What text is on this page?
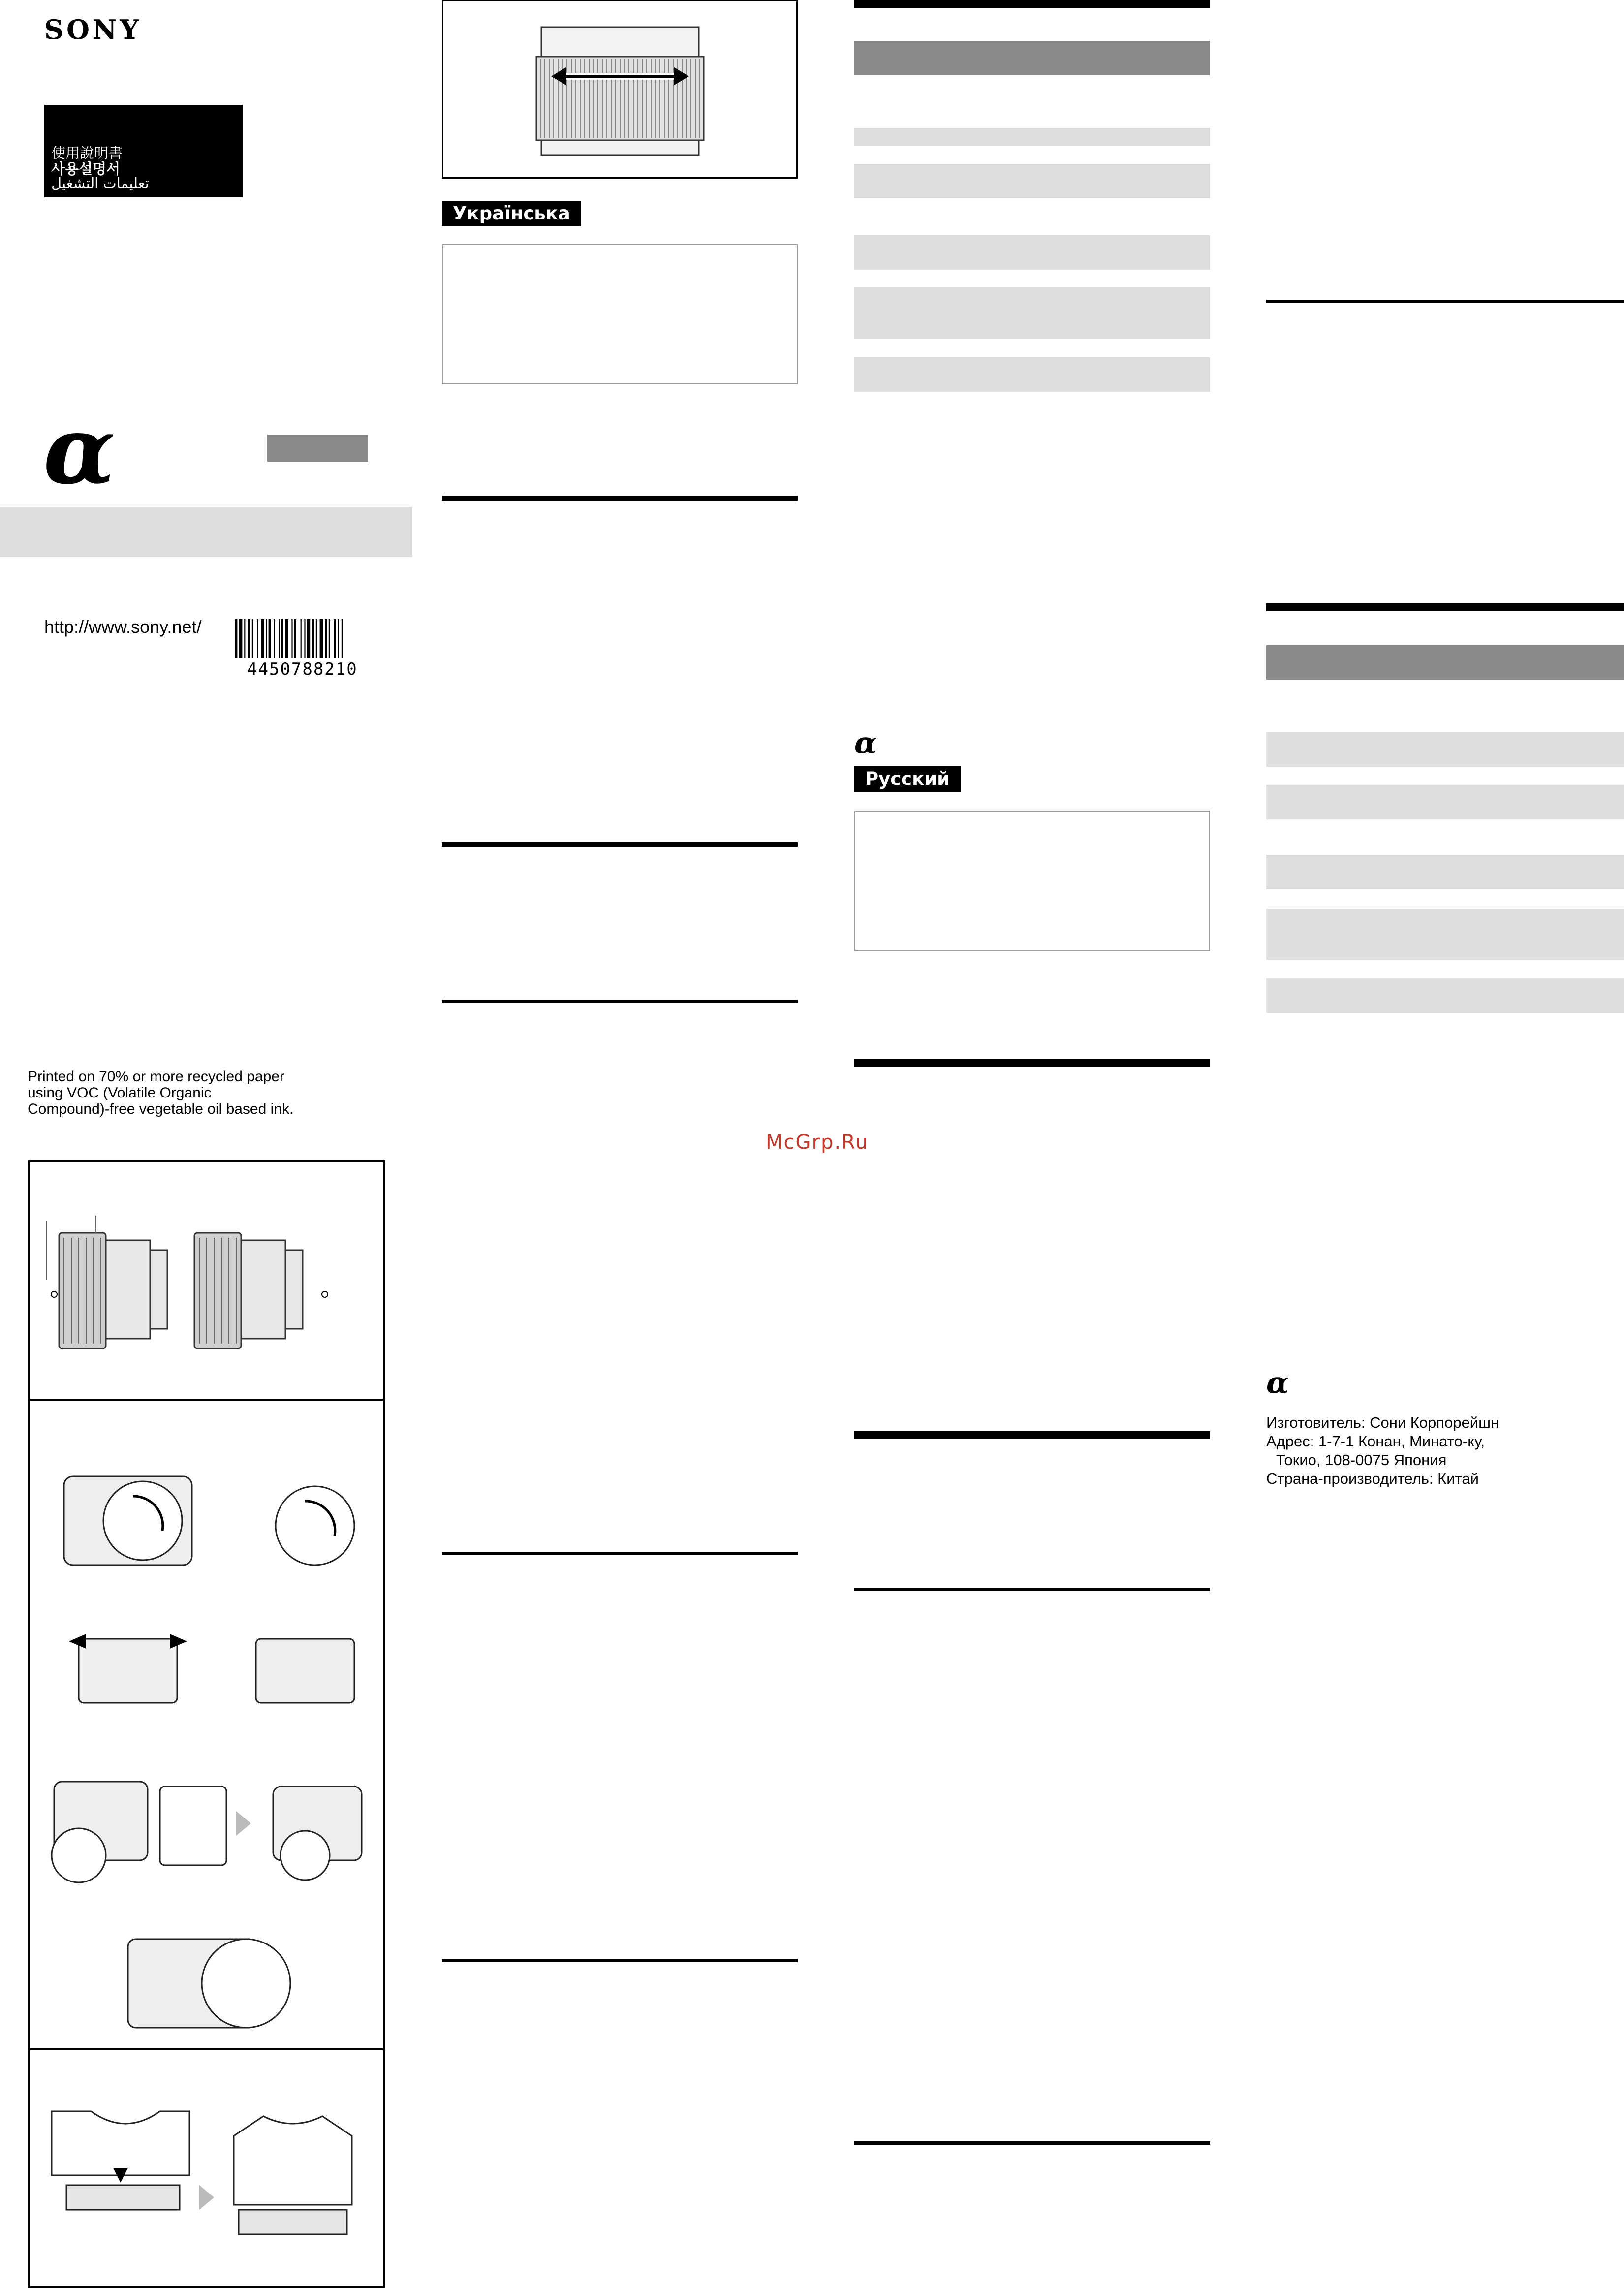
SONY
使用說明書
사용설명서
تعليمات التشغيل
α
http://www.sony.net/
4450788210
Printed on 70% or more recycled paper
using VOC (Volatile Organic
Compound)-free vegetable oil based ink.
Українська
α
Русский
McGrp.Ru
α
Изготовитель: Сони Корпорейшн
Адрес: 1-7-1 Конан, Минато-ку,
Токио, 108-0075 Япония
Страна-производитель: Китай
